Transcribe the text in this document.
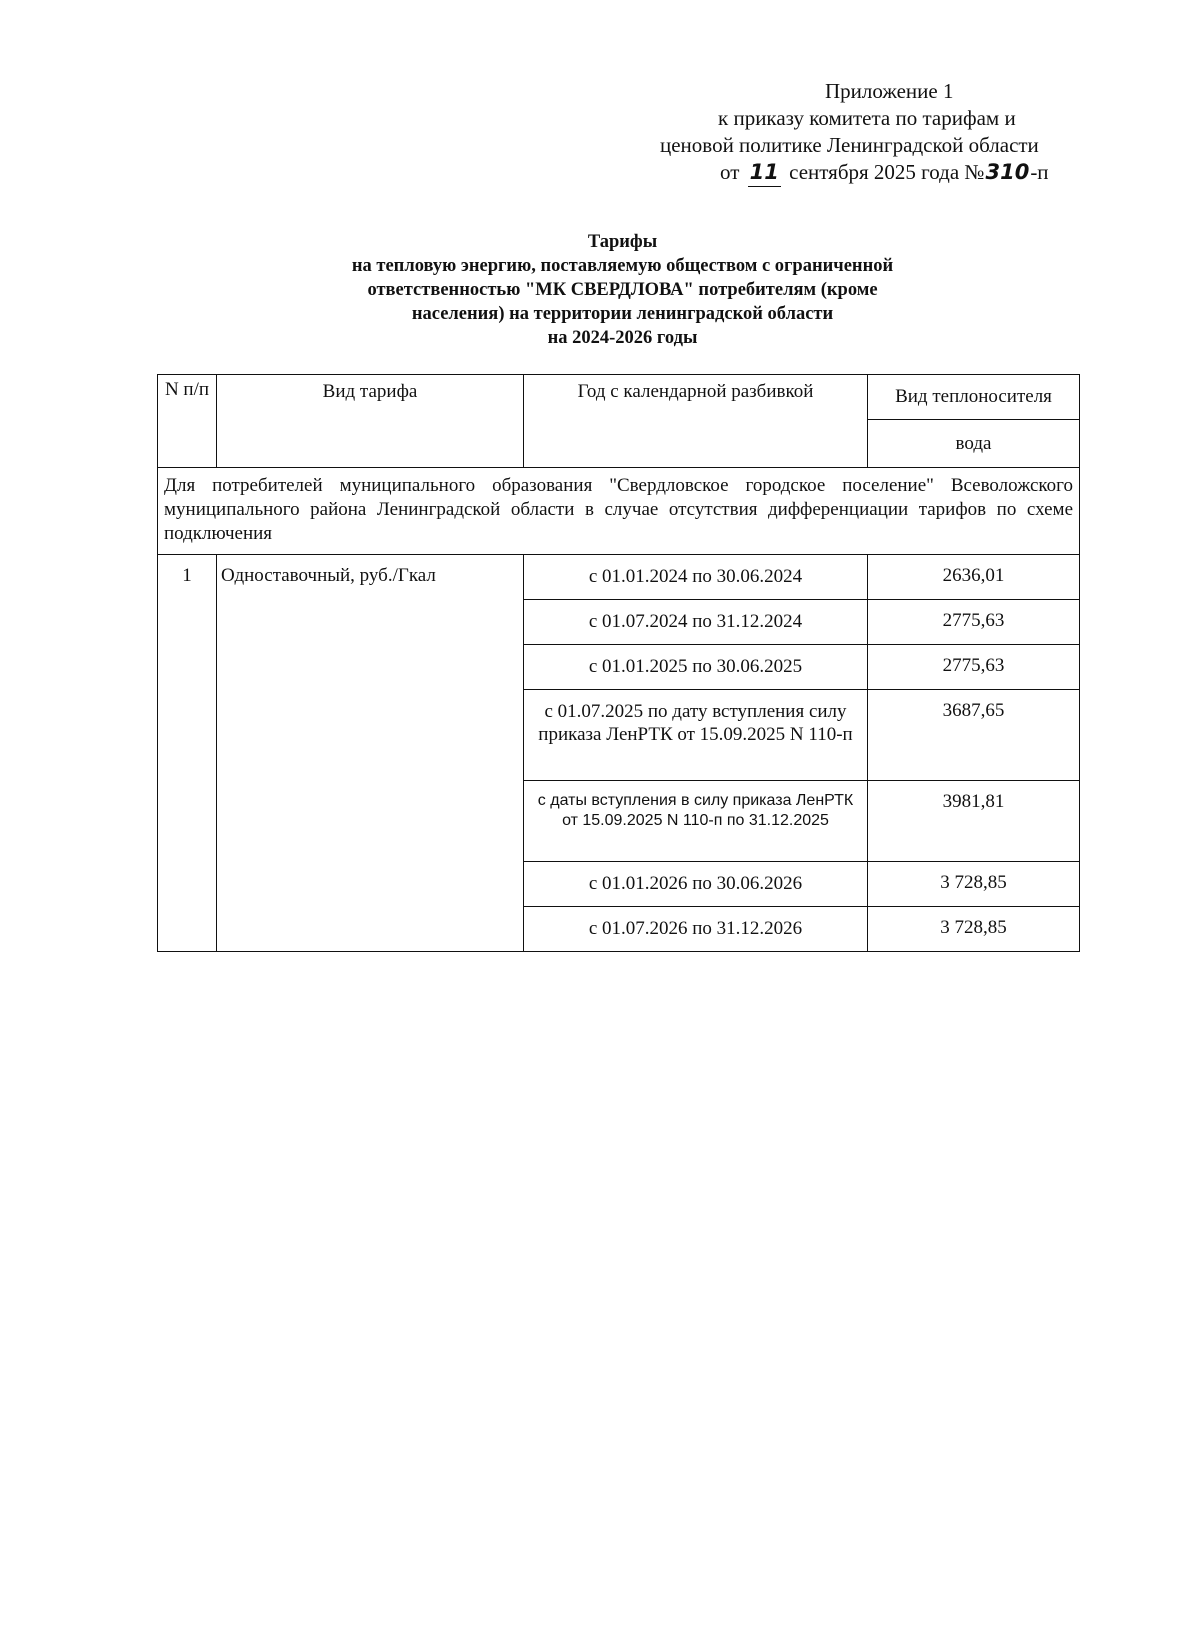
Приложение 1
к приказу комитета по тарифам и
ценовой политике Ленинградской области
от 11 сентября 2025 года №310-п
Тарифы
на тепловую энергию, поставляемую обществом с ограниченной
ответственностью "МК СВЕРДЛОВА" потребителям (кроме
населения) на территории ленинградской области
на 2024-2026 годы
N п/п	Вид тарифа	Год с календарной разбивкой	Вид теплоносителя
			вода
Для потребителей муниципального образования "Свердловское городское поселение" Всеволожского муниципального района Ленинградской области в случае отсутствия дифференциации тарифов по схеме подключения			
1	Одноставочный, руб./Гкал	с 01.01.2024 по 30.06.2024	2636,01
		с 01.07.2024 по 31.12.2024	2775,63
		с 01.01.2025 по 30.06.2025	2775,63
		с 01.07.2025 по дату вступления силу приказа ЛенРТК от 15.09.2025 N 110-п	3687,65
		с даты вступления в силу приказа ЛенРТК от 15.09.2025 N 110-п по 31.12.2025	3981,81
		с 01.01.2026 по 30.06.2026	3 728,85
		с 01.07.2026 по 31.12.2026	3 728,85
